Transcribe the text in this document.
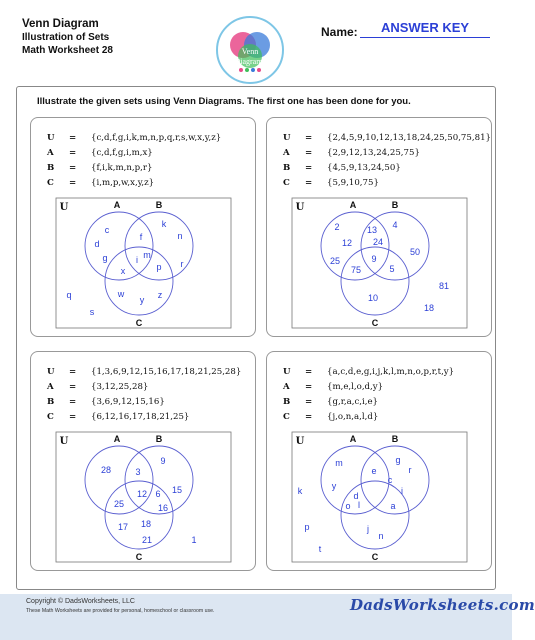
Venn Diagram
Illustration of Sets
Math Worksheet 28	Venn
Diagrams
Name:	ANSWER KEY
Illustrate the given sets using Venn Diagrams. The first one has been done for you.
U	=	{c,d,f,g,i,k,m,n,p,q,r,s,w,x,y,z}
A	=	{c,d,f,g,i,m,x}
B	=	{f,i,k,m,n,p,r}
C	=	{i,m,p,w,x,y,z}
U	A	B
C
c
d
g
f
k
n
i m
x	p r
w
y z
q
s
U	=	{2,4,5,9,10,12,13,18,24,25,50,75,81}
A	=	{2,9,12,13,24,25,75}
B	=	{4,5,9,13,24,50}
C	=	{5,9,10,75}
U	A	B
C
2
12
25
13
24
4
50
9
75	5
10
81
18
U	=	{1,3,6,9,12,15,16,17,18,21,25,28}
A	=	{3,12,25,28}
B	=	{3,6,9,12,15,16}
C	=	{6,12,16,17,18,21,25}
U	A	B
C
28	3
9
15
25
12 6
16
17 18
21	1
U	=	{a,c,d,e,g,i,j,k,l,m,n,o,p,r,t,y}
A	=	{m,e,l,o,d,y}
B	=	{g,r,a,c,i,e}
C	=	{j,o,n,a,l,d}
U	A	B
C
m
y
e
g
r
c
i
d
o l	a
j
n
k
p
t
Copyright © DadsWorksheets, LLC
These Math Worksheets are provided for personal, homeschool or classroom use.	DadsWorksheets.com
